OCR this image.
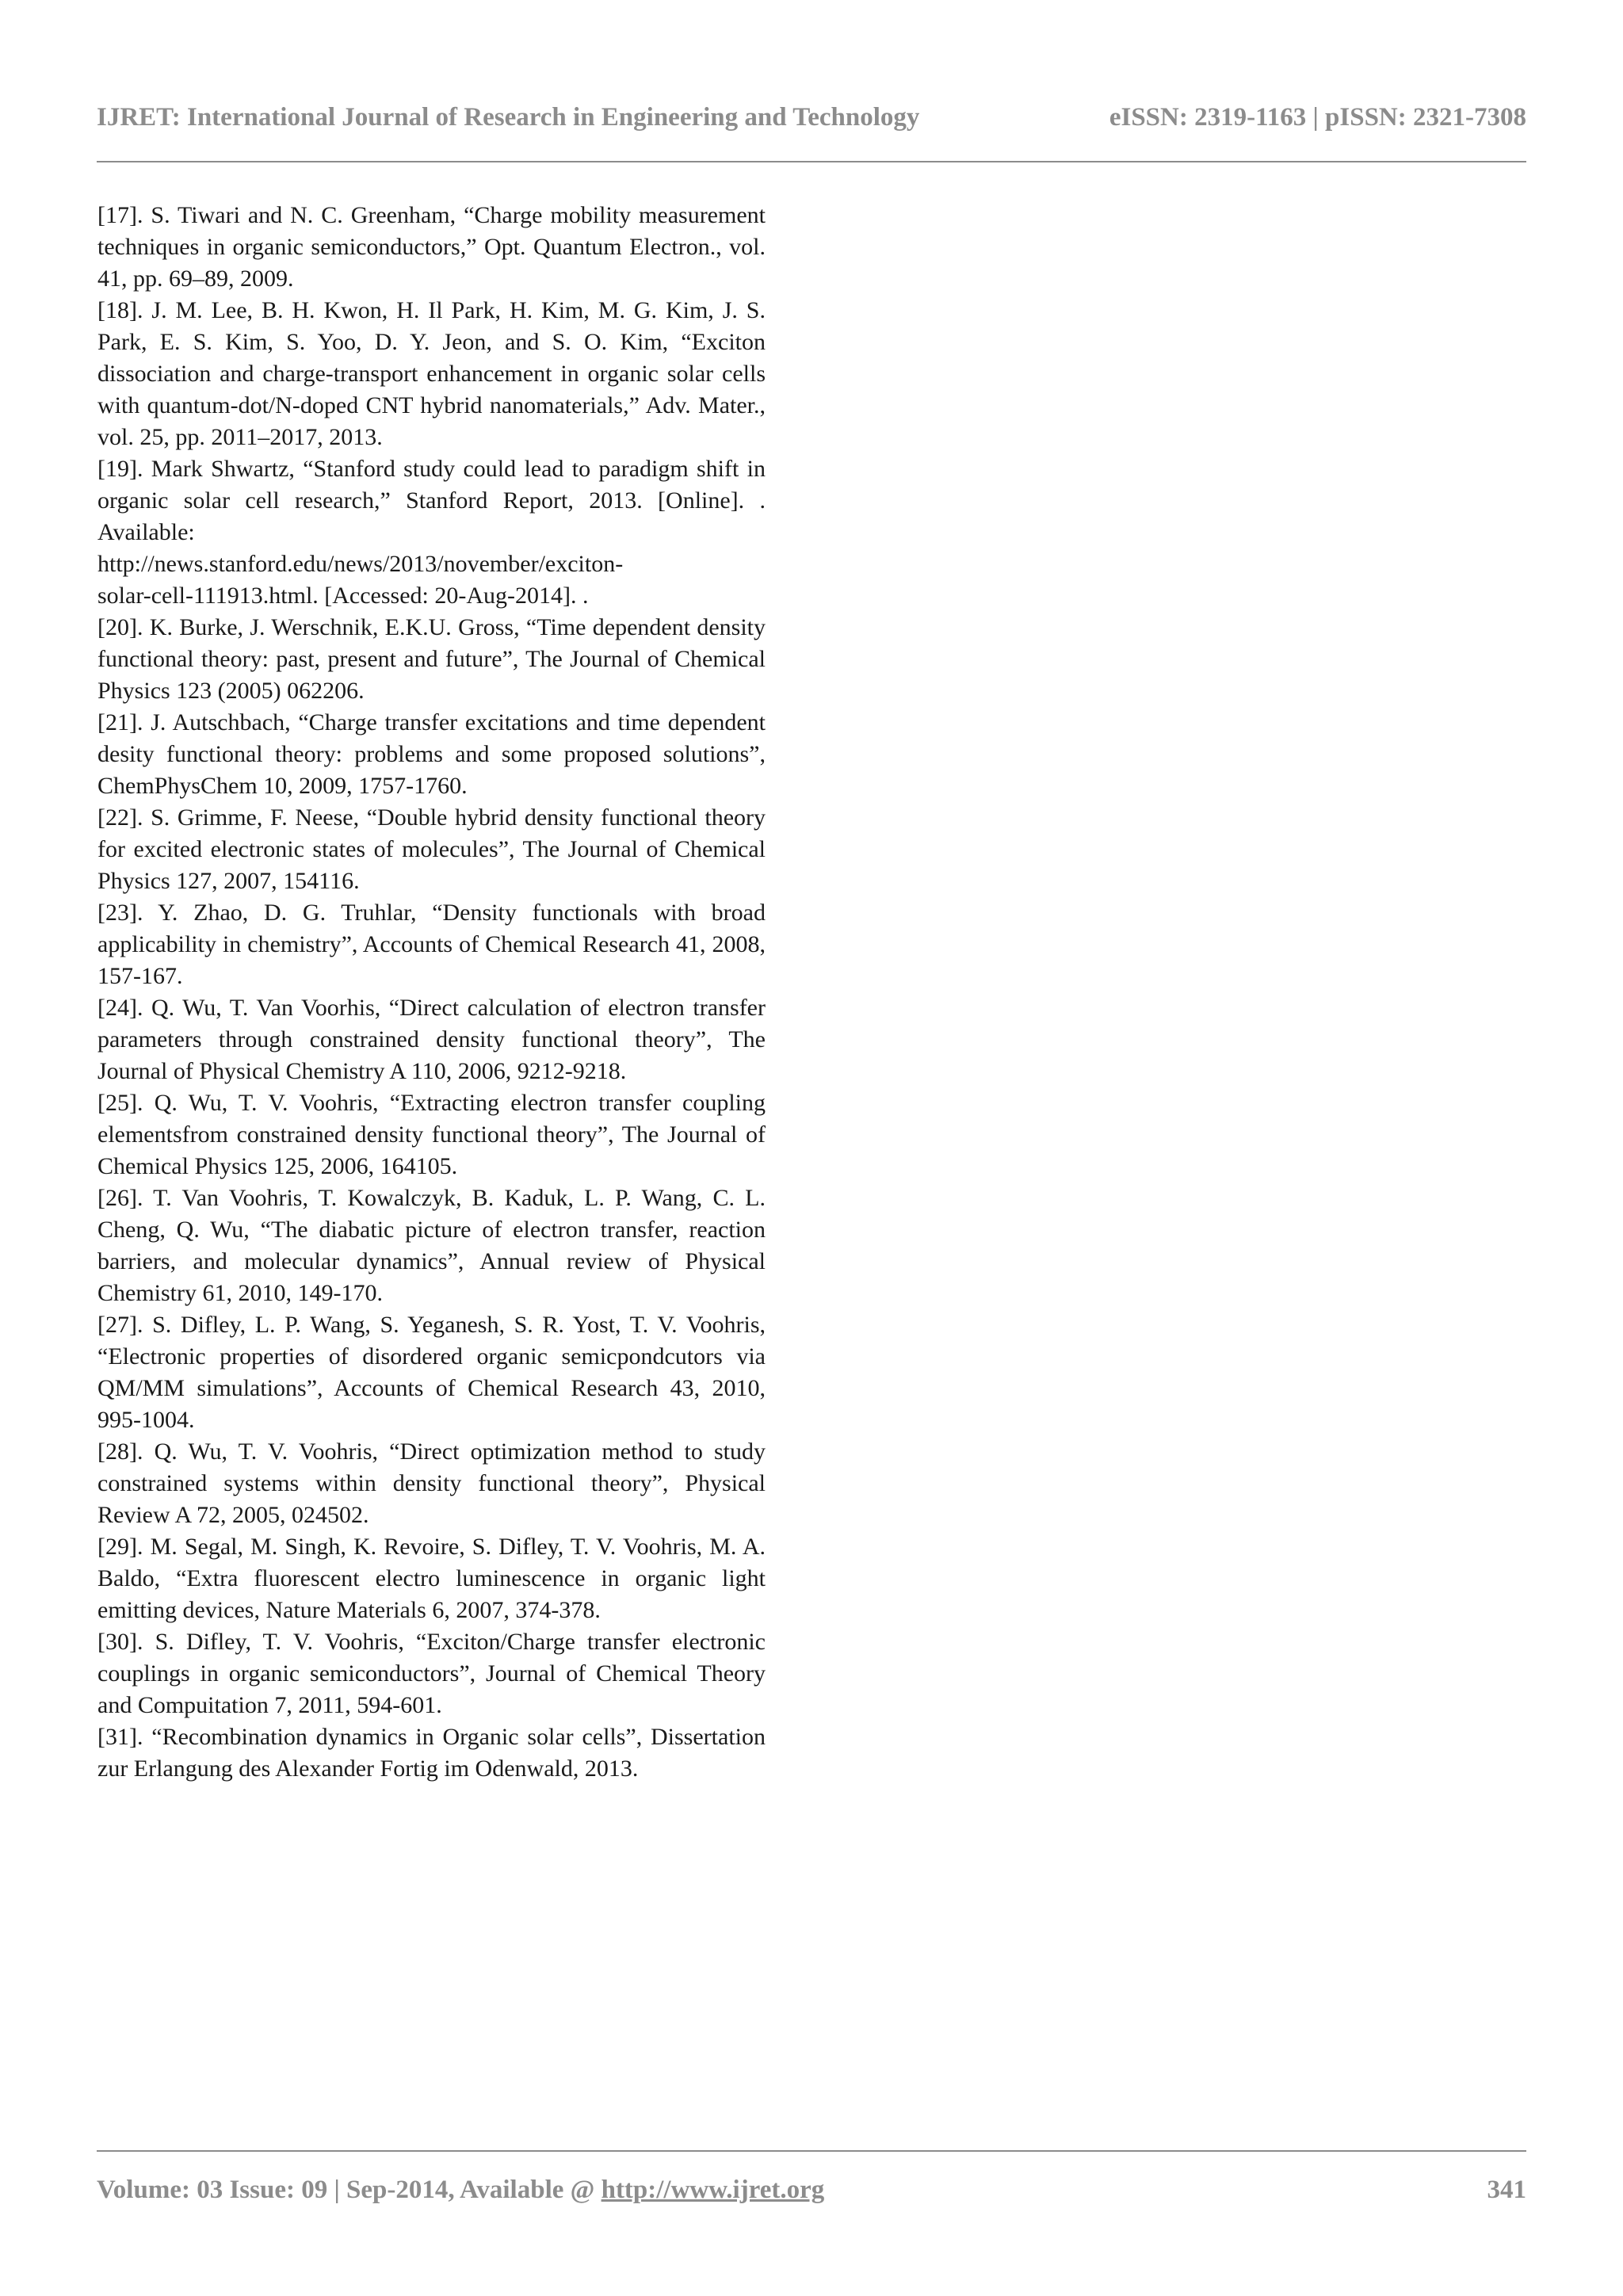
IJRET: International Journal of Research in Engineering and Technology	eISSN: 2319-1163 | pISSN: 2321-7308

[17]. S. Tiwari and N. C. Greenham, “Charge mobility measurement techniques in organic semiconductors,” Opt. Quantum Electron., vol. 41, pp. 69–89, 2009.

[18]. J. M. Lee, B. H. Kwon, H. Il Park, H. Kim, M. G. Kim, J. S. Park, E. S. Kim, S. Yoo, D. Y. Jeon, and S. O. Kim, “Exciton dissociation and charge-transport enhancement in organic solar cells with quantum-dot/N-doped CNT hybrid nanomaterials,” Adv. Mater., vol. 25, pp. 2011–2017, 2013.

[19]. Mark Shwartz, “Stanford study could lead to paradigm shift in organic solar cell research,” Stanford Report, 2013. [Online]. . Available:

http://news.stanford.edu/news/2013/november/exciton-

solar-cell-111913.html. [Accessed: 20-Aug-2014]. .

[20]. K. Burke, J. Werschnik, E.K.U. Gross, “Time dependent density functional theory: past, present and future”, The Journal of Chemical Physics 123 (2005) 062206.

[21]. J. Autschbach, “Charge transfer excitations and time dependent desity functional theory: problems and some proposed solutions”, ChemPhysChem 10, 2009, 1757-1760.

[22]. S. Grimme, F. Neese, “Double hybrid density functional theory for excited electronic states of molecules”, The Journal of Chemical Physics 127, 2007, 154116.

[23]. Y. Zhao, D. G. Truhlar, “Density functionals with broad applicability in chemistry”, Accounts of Chemical Research 41, 2008, 157-167.

[24]. Q. Wu, T. Van Voorhis, “Direct calculation of electron transfer parameters through constrained density functional theory”, The Journal of Physical Chemistry A 110, 2006, 9212-9218.

[25]. Q. Wu, T. V. Voohris, “Extracting electron transfer coupling elementsfrom constrained density functional theory”, The Journal of Chemical Physics 125, 2006, 164105.

[26]. T. Van Voohris, T. Kowalczyk, B. Kaduk, L. P. Wang, C. L. Cheng, Q. Wu, “The diabatic picture of electron transfer, reaction barriers, and molecular dynamics”, Annual review of Physical Chemistry 61, 2010, 149-170.

[27]. S. Difley, L. P. Wang, S. Yeganesh, S. R. Yost, T. V. Voohris, “Electronic properties of disordered organic semicpondcutors via QM/MM simulations”, Accounts of Chemical Research 43, 2010, 995-1004.

[28]. Q. Wu, T. V. Voohris, “Direct optimization method to study constrained systems within density functional theory”, Physical Review A 72, 2005, 024502.

[29]. M. Segal, M. Singh, K. Revoire, S. Difley, T. V. Voohris, M. A. Baldo, “Extra fluorescent electro luminescence in organic light emitting devices, Nature Materials 6, 2007, 374-378.

[30]. S. Difley, T. V. Voohris, “Exciton/Charge transfer electronic couplings in organic semiconductors”, Journal of Chemical Theory and Compuitation 7, 2011, 594-601.

[31]. “Recombination dynamics in Organic solar cells”, Dissertation zur Erlangung des Alexander Fortig im Odenwald, 2013.

Volume: 03 Issue: 09 | Sep-2014, Available @ http://www.ijret.org	341
